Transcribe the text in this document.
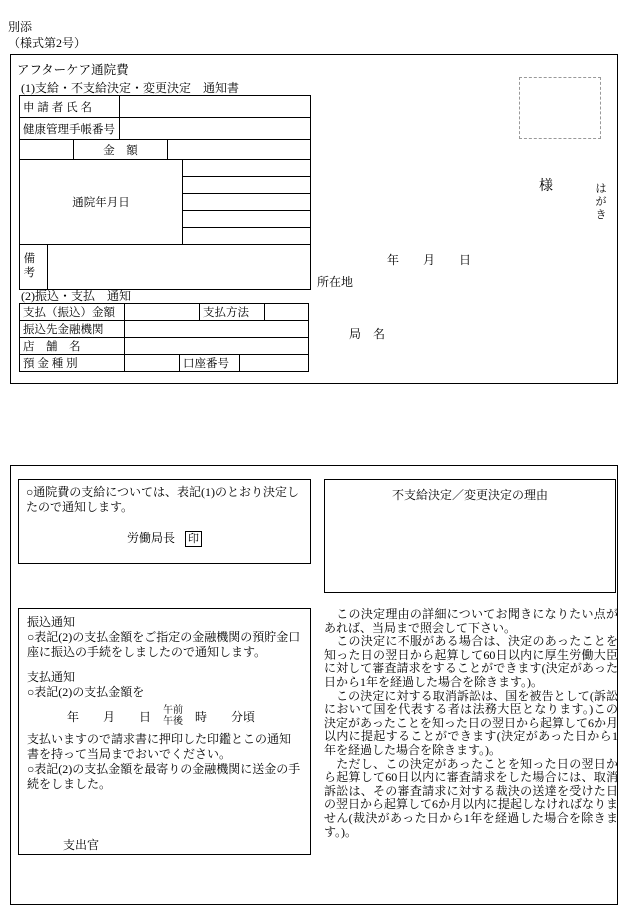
別添
（様式第2号）
アフターケア通院費
(1)支給・不支給決定・変更決定　通知書
申 請 者 氏 名					
健康管理手帳番号					
		金　額			
通院年月日					

備考					
様	はがき
年　　月　　日
所在地
(2)振込・支払　通知
支払（振込）金額			支払方法		
振込先金融機関					
店　舗　名					
預 金 種 別		口座番号			
局　名
○通院費の支給については、表記(1)のとおり決定したので通知します。
労働局長 印
振込通知
○表記(2)の支払金額をご指定の金融機関の預貯金口座に振込の手続をしましたので通知します。
支払通知
○表記(2)の支払金額を
年　　月　　日 午前
午後 時　　分頃
支払いますので請求書に押印した印鑑とこの通知書を持って当局までおいでください。
○表記(2)の支払金額を最寄りの金融機関に送金の手続をしました。
支出官
不支給決定／変更決定の理由

　この決定理由の詳細についてお聞きになりたい点があれば、当局まで照会して下さい。

　この決定に不服がある場合は、決定のあったことを知った日の翌日から起算して60日以内に厚生労働大臣に対して審査請求をすることができます(決定があった日から1年を経過した場合を除きます。)。

　この決定に対する取消訴訟は、国を被告として(訴訟において国を代表する者は法務大臣となります。)この決定があったことを知った日の翌日から起算して6か月以内に提起することができます(決定があった日から1年を経過した場合を除きます。)。

　ただし、この決定があったことを知った日の翌日から起算して60日以内に審査請求をした場合には、取消訴訟は、その審査請求に対する裁決の送達を受けた日の翌日から起算して6か月以内に提起しなければなりません(裁決があった日から1年を経過した場合を除きます。)。
